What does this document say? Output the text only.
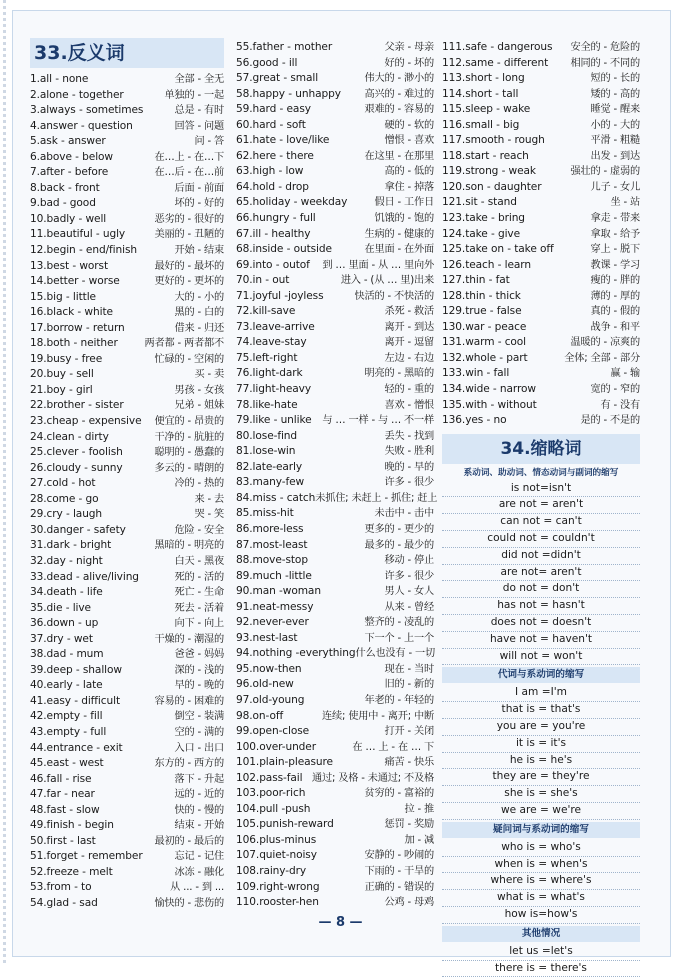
33.反义词
1.all - none	全部 - 全无
2.alone - together	单独的 - 一起
3.always - sometimes	总是 - 有时
4.answer - question	回答 - 问题
5.ask - answer	问 - 答
6.above - below	在…上 - 在…下
7.after - before	在…后 - 在…前
8.back - front	后面 - 前面
9.bad - good	坏的 - 好的
10.badly - well	恶劣的 - 很好的
11.beautiful - ugly	美丽的 - 丑陋的
12.begin - end/finish	开始 - 结束
13.best - worst	最好的 - 最坏的
14.better - worse	更好的 - 更坏的
15.big - little	大的 - 小的
16.black - white	黑的 - 白的
17.borrow - return	借来 - 归还
18.both - neither	两者都 - 两者都不
19.busy - free	忙碌的 - 空闲的
20.buy - sell	买 - 卖
21.boy - girl	男孩 - 女孩
22.brother - sister	兄弟 - 姐妹
23.cheap - expensive 便宜的 - 昂贵的
24.clean - dirty	干净的 - 肮脏的
25.clever - foolish	聪明的 - 愚蠢的
26.cloudy - sunny	多云的 - 晴朗的
27.cold - hot	冷的 - 热的
28.come - go	来 - 去
29.cry - laugh	哭 - 笑
30.danger - safety	危险 - 安全
31.dark - bright	黑暗的 - 明亮的
32.day - night	白天 - 黑夜
33.dead - alive/living	死的 - 活的
34.death - life	死亡 - 生命
35.die - live	死去 - 活着
36.down - up	向下 - 向上
37.dry - wet	干燥的 - 潮湿的
38.dad - mum	爸爸 - 妈妈
39.deep - shallow	深的 - 浅的
40.early - late	早的 - 晚的
41.easy - difficult	容易的 - 困难的
42.empty - fill	倒空 - 装满
43.empty - full	空的 - 满的
44.entrance - exit	入口 - 出口
45.east - west	东方的 - 西方的
46.fall - rise	落下 - 升起
47.far - near	远的 - 近的
48.fast - slow	快的 - 慢的
49.finish - begin	结束 - 开始
50.first - last	最初的 - 最后的
51.forget - remember	忘记 - 记住
52.freeze - melt	冰冻 - 融化
53.from - to	从 ... - 到 ...
54.glad - sad	愉快的 - 悲伤的
55.father - mother	父亲 - 母亲
56.good - ill	好的 - 坏的
57.great - small	伟大的 - 渺小的
58.happy - unhappy 高兴的 - 难过的
59.hard - easy	艰难的 - 容易的
60.hard - soft	硬的 - 软的
61.hate - love/like	憎恨 - 喜欢
62.here - there	在这里 - 在那里
63.high - low	高的 - 低的
64.hold - drop	拿住 - 掉落
65.holiday - weekday	假日 - 工作日
66.hungry - full	饥饿的 - 饱的
67.ill - healthy	生病的 - 健康的
68.inside - outside	在里面 - 在外面
69.into - outof 到 … 里面 - 从 … 里向外
70.in - out	进入 - (从 … 里)出来
71.joyful -joyless	快活的 - 不快活的
72.kill-save	杀死 - 救活
73.leave-arrive	离开 - 到达
74.leave-stay	离开 - 逗留
75.left-right	左边 - 右边
76.light-dark	明亮的 - 黑暗的
77.light-heavy	轻的 - 重的
78.like-hate	喜欢 - 憎恨
79.like - unlike 与 … 一样 - 与 … 不一样
80.lose-find	丢失 - 找到
81.lose-win	失败 - 胜利
82.late-early	晚的 - 早的
83.many-few	许多 - 很少
84.miss - catch 未抓住; 未赶上 - 抓住; 赶上
85.miss-hit	未击中 - 击中
86.more-less	更多的 - 更少的
87.most-least	最多的 - 最少的
88.move-stop	移动 - 停止
89.much -little	许多 - 很少
90.man -woman	男人 - 女人
91.neat-messy	从来 - 曾经
92.never-ever	整齐的 - 凌乱的
93.nest-last	下一个 - 上一个
94.nothing -everything 什么也没有 - 一切
95.now-then	现在 - 当时
96.old-new	旧的 - 新的
97.old-young	年老的 - 年轻的
98.on-off	连续; 使用中 - 离开; 中断
99.open-close	打开 - 关闭
100.over-under	在 … 上 - 在 … 下
101.plain-pleasure	痛苦 - 快乐
102.pass-fail 通过; 及格 - 未通过; 不及格
103.poor-rich	贫穷的 - 富裕的
104.pull -push	拉 - 推
105.punish-reward	惩罚 - 奖励
106.plus-minus	加 - 减
107.quiet-noisy	安静的 - 吵闹的
108.rainy-dry	下雨的 - 干旱的
109.right-wrong	正确的 - 错误的
110.rooster-hen	公鸡 - 母鸡
111.safe - dangerous 安全的 - 危险的
112.same - different 相同的 - 不同的
113.short - long	短的 - 长的
114.short - tall	矮的 - 高的
115.sleep - wake	睡觉 - 醒来
116.small - big	小的 - 大的
117.smooth - rough	平滑 - 粗糙
118.start - reach	出发 - 到达
119.strong - weak	强壮的 - 虚弱的
120.son - daughter	儿子 - 女儿
121.sit - stand	坐 - 站
123.take - bring	拿走 - 带来
124.take - give	拿取 - 给予
125.take on - take off	穿上 - 脱下
126.teach - learn	教课 - 学习
127.thin - fat	瘦的 - 胖的
128.thin - thick	薄的 - 厚的
129.true - false	真的 - 假的
130.war - peace	战争 - 和平
131.warm - cool	温暖的 - 凉爽的
132.whole - part	全体; 全部 - 部分
133.win - fall	赢 - 输
134.wide - narrow	宽的 - 窄的
135.with - without	有 - 没有
136.yes - no	是的 - 不是的
34.缩略词
系动词、助动词、情态动词与副词的缩写
is not=isn't
are not = aren't
can not = can't
could not = couldn't
did not =didn't
are not= aren't
do not = don't
has not = hasn't
does not = doesn't
have not = haven't
will not = won't
代词与系动词的缩写
I am =I'm
that is = that's
you are = you're
it is = it's
he is = he's
they are = they're
she is = she's
we are = we're
疑问词与系动词的缩写
who is = who's
when is = when's
where is = where's
what is = what's
how is=how's
其他情况
let us =let's
there is = there's
— 8 —
